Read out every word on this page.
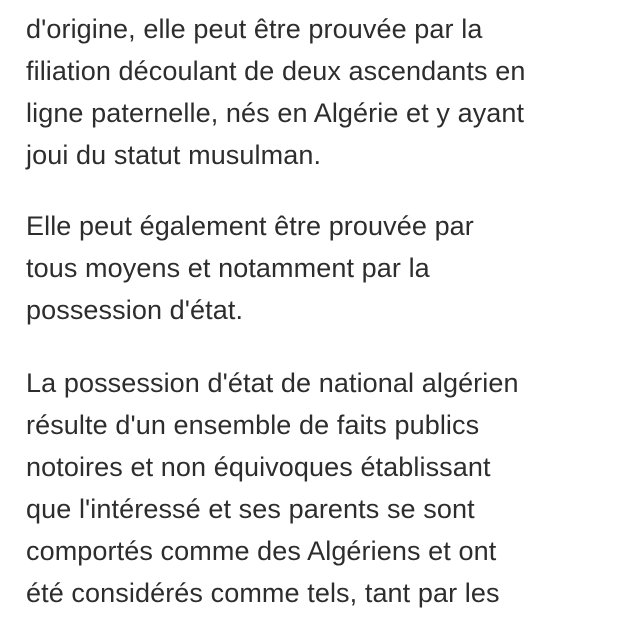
d'origine, elle peut être prouvée par la
filiation découlant de deux ascendants en
ligne paternelle, nés en Algérie et y ayant
joui du statut musulman.
Elle peut également être prouvée par
tous moyens et notamment par la
possession d'état.
La possession d'état de national algérien
résulte d'un ensemble de faits publics
notoires et non équivoques établissant
que l'intéressé et ses parents se sont
comportés comme des Algériens et ont
été considérés comme tels, tant par les
